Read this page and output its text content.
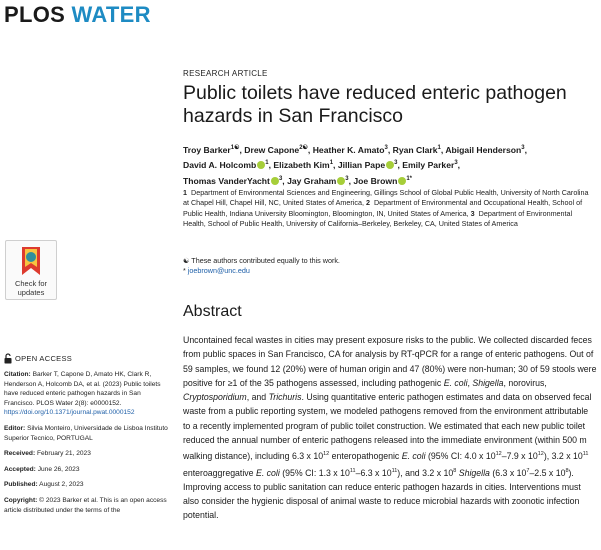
PLOS WATER
Check for
updates
OPEN ACCESS
Citation: Barker T, Capone D, Amato HK, Clark R, Henderson A, Holcomb DA, et al. (2023) Public toilets have reduced enteric pathogen hazards in San Francisco. PLOS Water 2(8): e0000152. https://doi.org/10.1371/journal.pwat.0000152
Editor: Silvia Monteiro, Universidade de Lisboa Instituto Superior Tecnico, PORTUGAL
Received: February 21, 2023
Accepted: June 26, 2023
Published: August 2, 2023
Copyright: © 2023 Barker et al. This is an open access article distributed under the terms of the
RESEARCH ARTICLE
Public toilets have reduced enteric pathogen hazards in San Francisco
Troy Barker$^{1☯}$, Drew Capone$^{2☯}$, Heather K. Amato$^3$, Ryan Clark$^1$, Abigail Henderson$^3$,
David A. Holcomb $^1$, Elizabeth Kim$^1$, Jillian Pape $^3$, Emily Parker$^3$,
Thomas VanderYacht $^3$, Jay Graham $^3$, Joe Brown $^{1*}$
1 Department of Environmental Sciences and Engineering, Gillings School of Global Public Health, University of North Carolina at Chapel Hill, Chapel Hill, NC, United States of America, 2 Department of Environmental and Occupational Health, School of Public Health, Indiana University Bloomington, Bloomington, IN, United States of America, 3 Department of Environmental Health, School of Public Health, University of California–Berkeley, Berkeley, CA, United States of America
☯ These authors contributed equally to this work.
* joebrown@unc.edu
Abstract
Uncontained fecal wastes in cities may present exposure risks to the public. We collected discarded feces from public spaces in San Francisco, CA for analysis by RT-qPCR for a range of enteric pathogens. Out of 59 samples, we found 12 (20%) were of human origin and 47 (80%) were non-human; 30 of 59 stools were positive for ≥1 of the 35 pathogens assessed, including pathogenic E. coli, Shigella, norovirus, Cryptosporidium, and Trichuris. Using quantitative enteric pathogen estimates and data on observed fecal waste from a public reporting system, we modeled pathogens removed from the environment attributable to a recently implemented program of public toilet construction. We estimated that each new public toilet reduced the annual number of enteric pathogens released into the immediate environment (within 500 m walking distance), including 6.3 x $10^{12}$ enteropathogenic E. coli (95% CI: 4.0 x $10^{12}-7.9$ x $10^{12}$), 3.2 x $10^{11}$ enteroaggregative E. coli (95% CI: 1.3 x $10^{11}-6.3$ x $10^{11}$), and 3.2 x $10^8$ Shigella (6.3 x $10^7-2.5$ x $10^8$). Improving access to public sanitation can reduce enteric pathogen hazards in cities. Interventions must also consider the hygienic disposal of animal waste to reduce microbial hazards with zoonotic infection potential.
